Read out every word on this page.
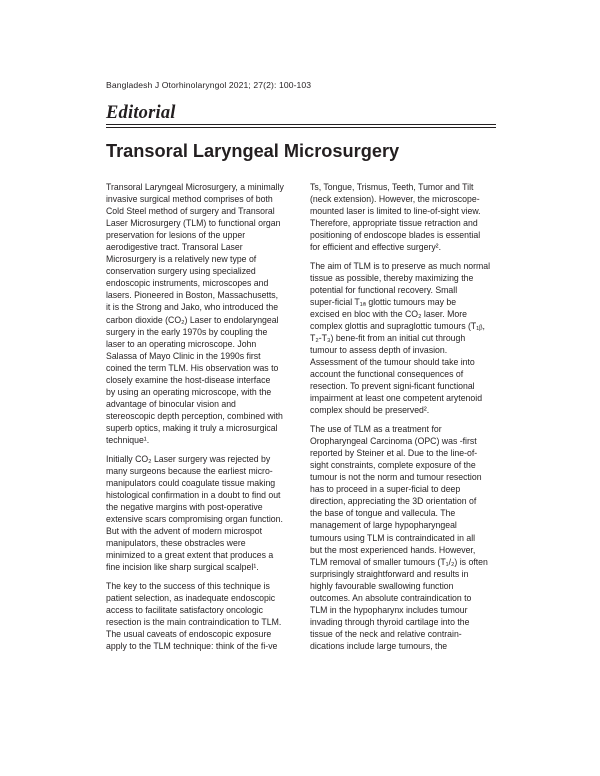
Bangladesh J Otorhinolaryngol 2021; 27(2): 100-103
Editorial
Transoral Laryngeal Microsurgery

Transoral Laryngeal Microsurgery, a minimally
invasive surgical method comprises of both
Cold Steel method of surgery and Transoral
Laser Microsurgery (TLM) to functional organ
preservation for lesions of the upper
aerodigestive tract. Transoral Laser
Microsurgery is a relatively new type of
conservation surgery using specialized
endoscopic instruments, microscopes and
lasers. Pioneered in Boston, Massachusetts,
it is the Strong and Jako, who introduced the
carbon dioxide (CO₂) Laser to endolaryngeal
surgery in the early 1970s by coupling the
laser to an operating microscope. John
Salassa of Mayo Clinic in the 1990s first
coined the term TLM. His observation was to
closely examine the host-disease interface
by using an operating microscope, with the
advantage of binocular vision and
stereoscopic depth perception, combined with
superb optics, making it truly a microsurgical
technique¹.

Initially CO₂ Laser surgery was rejected by
many surgeons because the earliest micro-
manipulators could coagulate tissue making
histological confirmation in a doubt to find out
the negative margins with post-operative
extensive scars compromising organ function.
But with the advent of modern microspot
manipulators, these obstracles were
minimized to a great extent that produces a
fine incision like sharp surgical scalpel¹.

The key to the success of this technique is
patient selection, as inadequate endoscopic
access to facilitate satisfactory oncologic
resection is the main contraindication to TLM.
The usual caveats of endoscopic exposure
apply to the TLM technique: think of the fi-ve

Ts, Tongue, Trismus, Teeth, Tumor and Tilt
(neck extension). However, the microscope-
mounted laser is limited to line-of-sight view.
Therefore, appropriate tissue retraction and
positioning of endoscope blades is essential
for efficient and effective surgery².

The aim of TLM is to preserve as much normal
tissue as possible, thereby maximizing the
potential for functional recovery. Small
super-ficial T₁ₐ glottic tumours may be
excised en bloc with the CO₂ laser. More
complex glottis and supraglottic tumours (T₁ᵦ,
T₂-T₃) bene-fit from an initial cut through
tumour to assess depth of invasion.
Assessment of the tumour should take into
account the functional consequences of
resection. To prevent signi-ficant functional
impairment at least one competent arytenoid
complex should be preserved².

The use of TLM as a treatment for
Oropharyngeal Carcinoma (OPC) was -first
reported by Steiner et al. Due to the line-of-
sight constraints, complete exposure of the
tumour is not the norm and tumour resection
has to proceed in a super-ficial to deep
direction, appreciating the 3D orientation of
the base of tongue and vallecula. The
management of large hypopharyngeal
tumours using TLM is contraindicated in all
but the most experienced hands. However,
TLM removal of smaller tumours (T₁/₂) is often
surprisingly straightforward and results in
highly favourable swallowing function
outcomes. An absolute contraindication to
TLM in the hypopharynx includes tumour
invading through thyroid cartilage into the
tissue of the neck and relative contrain-
dications include large tumours, the
